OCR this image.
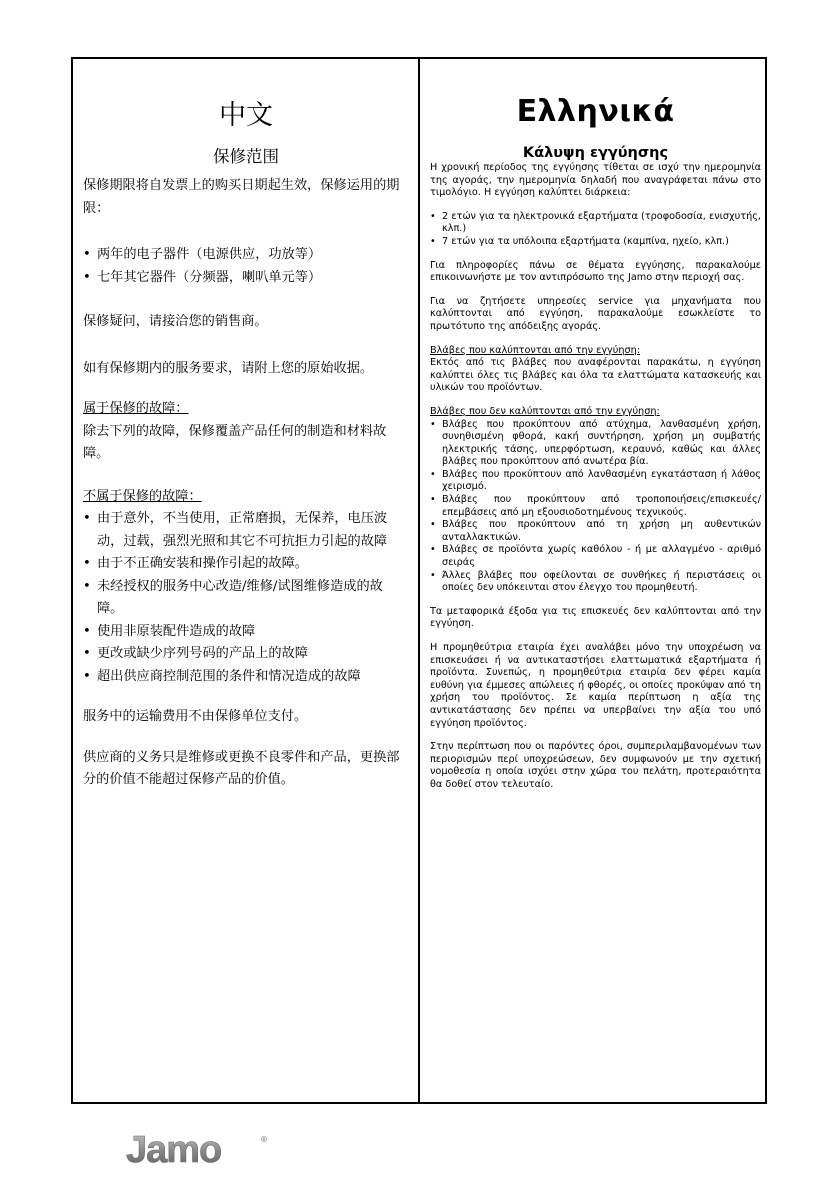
中文
保修范围

保修期限将自发票上的购买日期起生效，保修运用的期限：

• 两年的电子器件（电源供应，功放等）
• 七年其它器件（分频器，喇叭单元等）

保修疑问，请接洽您的销售商。

如有保修期内的服务要求，请附上您的原始收据。

属于保修的故障：

除去下列的故障，保修覆盖产品任何的制造和材料故障。

不属于保修的故障：

• 由于意外，不当使用，正常磨损，无保养，电压波动，过载，强烈光照和其它不可抗拒力引起的故障
• 由于不正确安装和操作引起的故障。
• 未经授权的服务中心改造/维修/试图维修造成的故障。
• 使用非原装配件造成的故障
• 更改或缺少序列号码的产品上的故障
• 超出供应商控制范围的条件和情况造成的故障

服务中的运输费用不由保修单位支付。

供应商的义务只是维修或更换不良零件和产品，更换部分的价值不能超过保修产品的价值。

Ελληνικά
Κάλυψη εγγύησης

Η χρονική περίοδος της εγγύησης τίθεται σε ισχύ την ημερομηνία της αγοράς, την ημερομηνία δηλαδή που αναγράφεται πάνω στο τιμολόγιο. Η εγγύηση καλύπτει διάρκεια:

• 2 ετών για τα ηλεκτρονικά εξαρτήματα (τροφοδοσία, ενισχυτής, κλπ.)
• 7 ετών για τα υπόλοιπα εξαρτήματα (καμπίνα, ηχείο, κλπ.)

Για πληροφορίες πάνω σε θέματα εγγύησης, παρακαλούμε επικοινωνήστε με τον αντιπρόσωπο της Jamo στην περιοχή σας.

Για να ζητήσετε υπηρεσίες service για μηχανήματα που καλύπτονται από εγγύηση, παρακαλούμε εσωκλείστε το πρωτότυπο της απόδειξης αγοράς.

Βλάβες που καλύπτονται από την εγγύηση:

Εκτός από τις βλάβες που αναφέρονται παρακάτω, η εγγύηση καλύπτει όλες τις βλάβες και όλα τα ελαττώματα κατασκευής και υλικών του προϊόντων.

Βλάβες που δεν καλύπτονται από την εγγύηση:

• Βλάβες που προκύπτουν από ατύχημα, λανθασμένη χρήση, συνηθισμένη φθορά, κακή συντήρηση, χρήση μη συμβατής ηλεκτρικής τάσης, υπερφόρτωση, κεραυνό, καθώς και άλλες βλάβες που προκύπτουν από ανωτέρα βία.
• Βλάβες που προκύπτουν από λανθασμένη εγκατάσταση ή λάθος χειρισμό.
• Βλάβες που προκύπτουν από τροποποιήσεις/επισκευές/επεμβάσεις από μη εξουσιοδοτημένους τεχνικούς.
• Βλάβες που προκύπτουν από τη χρήση μη αυθεντικών ανταλλακτικών.
• Βλάβες σε προϊόντα χωρίς καθόλου - ή με αλλαγμένο - αριθμό σειράς
• Άλλες βλάβες που οφείλονται σε συνθήκες ή περιστάσεις οι οποίες δεν υπόκεινται στον έλεγχο του προμηθευτή.

Τα μεταφορικά έξοδα για τις επισκευές δεν καλύπτονται από την εγγύηση.

Η προμηθεύτρια εταιρία έχει αναλάβει μόνο την υποχρέωση να επισκευάσει ή να αντικαταστήσει ελαττωματικά εξαρτήματα ή προϊόντα. Συνεπώς, η προμηθεύτρια εταιρία δεν φέρει καμία ευθύνη για έμμεσες απώλειες ή φθορές, οι οποίες προκύψαν από τη χρήση του προϊόντος. Σε καμία περίπτωση η αξία της αντικατάστασης δεν πρέπει να υπερβαίνει την αξία του υπό εγγύηση προϊόντος.

Στην περίπτωση που οι παρόντες όροι, συμπεριλαμβανομένων των περιορισμών περί υποχρεώσεων, δεν συμφωνούν με την σχετική νομοθεσία η οποία ισχύει στην χώρα του πελάτη, προτεραιότητα θα δοθεί στον τελευταίο.

Jamo	®
